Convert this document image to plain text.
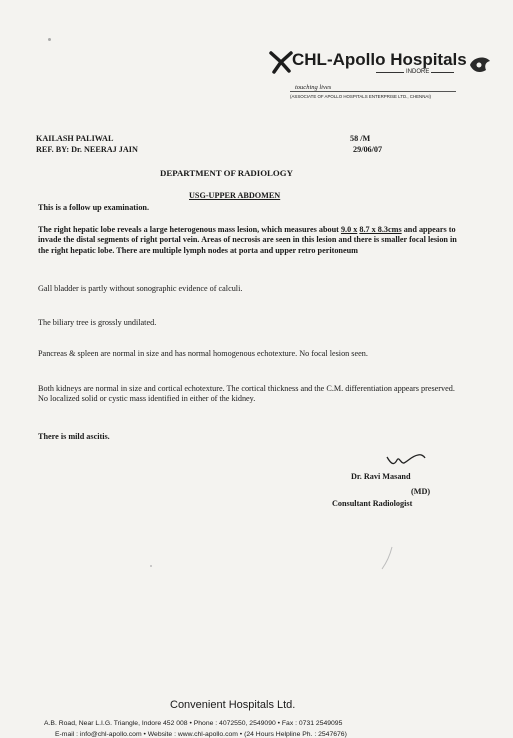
CHL-Apollo Hospitals
INDORE
touching lives
(ASSOCIATE OF APOLLO HOSPITALS ENTERPRISE LTD., CHENNAI)
KAILASH PALIWAL
REF. BY: Dr. NEERAJ JAIN
58 /M
29/06/07
DEPARTMENT OF RADIOLOGY
USG-UPPER ABDOMEN
This is a follow up examination.
The right hepatic lobe reveals a large heterogenous mass lesion, which measures about 9.0 x 8.7 x 8.3cms and appears to invade the distal segments of right portal vein. Areas of necrosis are seen in this lesion and there is smaller focal lesion in the right hepatic lobe. There are multiple lymph nodes at porta and upper retro peritoneum
Gall bladder is partly without sonographic evidence of calculi.
The biliary tree is grossly undilated.
Pancreas & spleen are normal in size and has normal homogenous echotexture. No focal lesion seen.
Both kidneys are normal in size and cortical echotexture. The cortical thickness and the C.M. differentiation appears preserved. No localized solid or cystic mass identified in either of the kidney.
There is mild ascitis.
Dr. Ravi Masand
(MD)
Consultant Radiologist
Convenient Hospitals Ltd.
A.B. Road, Near L.I.G. Triangle, Indore 452 008 • Phone : 4072550, 2549090 • Fax : 0731 2549095
E-mail : info@chl-apollo.com • Website : www.chl-apollo.com • (24 Hours Helpline Ph. : 2547676)
